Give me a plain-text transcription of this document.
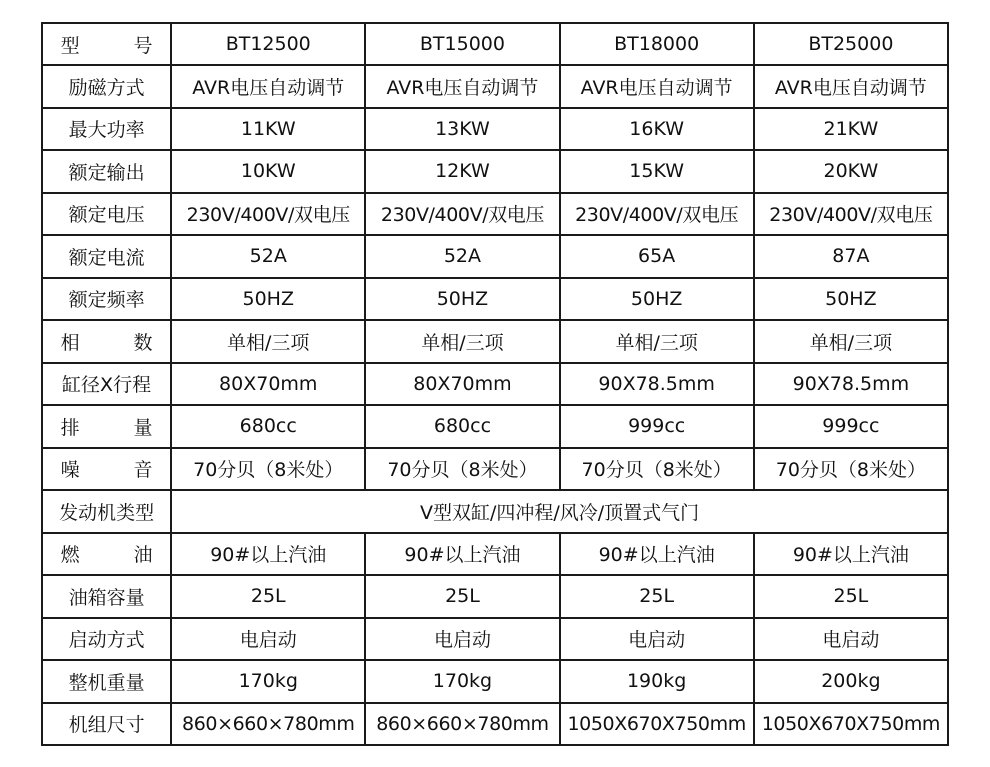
型　号	BT12500	BT15000	BT18000	BT25000
励磁方式	AVR电压自动调节	AVR电压自动调节	AVR电压自动调节	AVR电压自动调节
最大功率	11KW	13KW	16KW	21KW
额定输出	10KW	12KW	15KW	20KW
额定电压	230V/400V/双电压	230V/400V/双电压	230V/400V/双电压	230V/400V/双电压
额定电流	52A	52A	65A	87A
额定频率	50HZ	50HZ	50HZ	50HZ
相　数	单相/三项	单相/三项	单相/三项	单相/三项
缸径X行程	80X70mm	80X70mm	90X78.5mm	90X78.5mm
排　量	680cc	680cc	999cc	999cc
噪　音	70分贝（8米处）	70分贝（8米处）	70分贝（8米处）	70分贝（8米处）
发动机类型	V型双缸/四冲程/风冷/顶置式气门			
燃　油	90#以上汽油	90#以上汽油	90#以上汽油	90#以上汽油
油箱容量	25L	25L	25L	25L
启动方式	电启动	电启动	电启动	电启动
整机重量	170kg	170kg	190kg	200kg
机组尺寸	860×660×780mm	860×660×780mm	1050X670X750mm	1050X670X750mm
